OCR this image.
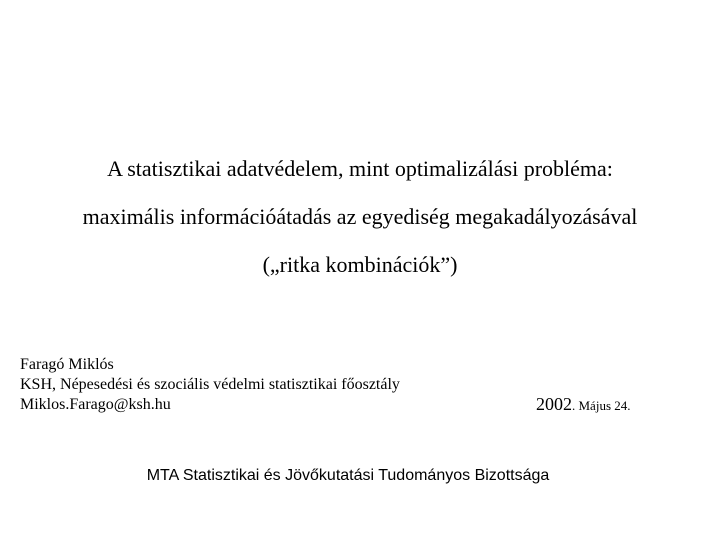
A statisztikai adatvédelem, mint optimalizálási probléma:
maximális információátadás az egyediség megakadályozásával
(„ritka kombinációk”)
Faragó Miklós
KSH, Népesedési és szociális védelmi statisztikai főosztály
Miklos.Farago@ksh.hu	2002. Május 24.
MTA Statisztikai és Jövőkutatási Tudományos Bizottsága
